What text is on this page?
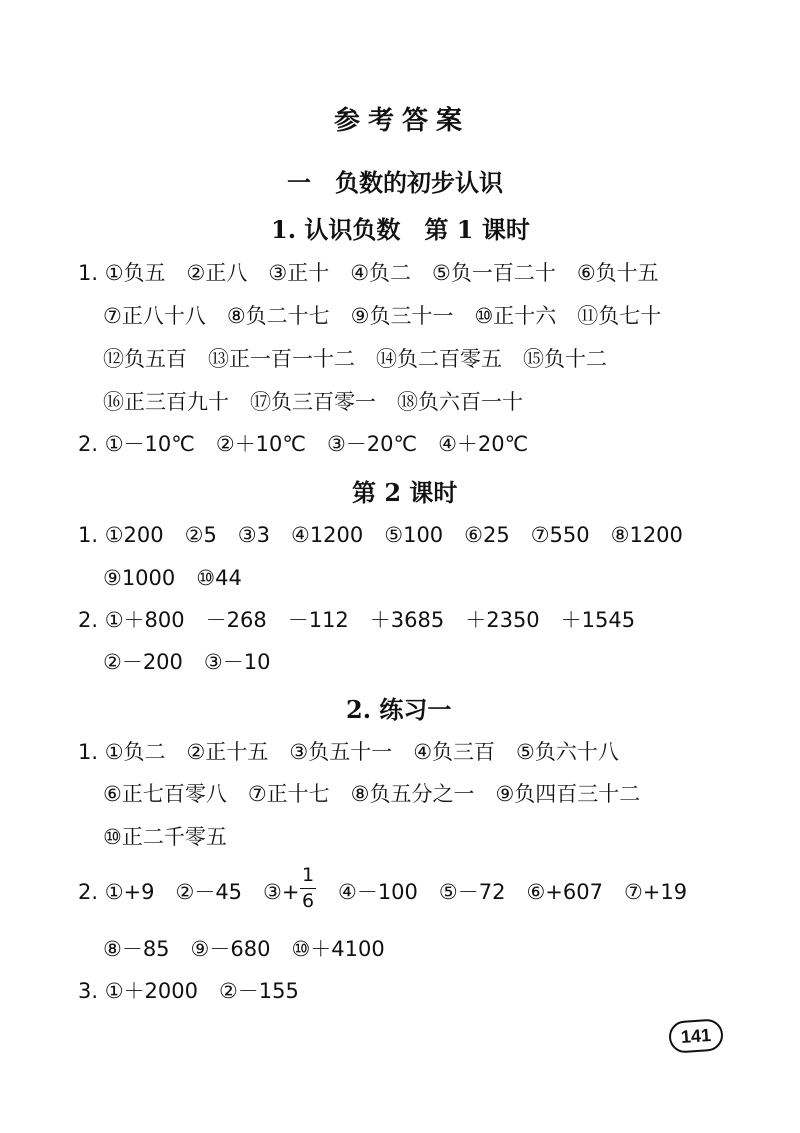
参考答案
一　负数的初步认识
1. 认识负数　第 1 课时
1. ①负五　②正八　③正十　④负二　⑤负一百二十　⑥负十五
⑦正八十八　⑧负二十七　⑨负三十一　⑩正十六　⑪负七十
⑫负五百　⑬正一百一十二　⑭负二百零五　⑮负十二
⑯正三百九十　⑰负三百零一　⑱负六百一十
2. ①－10℃　②＋10℃　③－20℃　④＋20℃
第 2 课时
1. ①200　②5　③3　④1200　⑤100　⑥25　⑦550　⑧1200
⑨1000　⑩44
2. ①＋800　－268　－112　＋3685　＋2350　＋1545
②－200　③－10
2. 练习一
1. ①负二　②正十五　③负五十一　④负三百　⑤负六十八
⑥正七百零八　⑦正十七　⑧负五分之一　⑨负四百三十二
⑩正二千零五
2. ①+9　②－45　③+
1
6 ④－100　⑤－72　⑥+607　⑦+19
⑧－85　⑨－680　⑩＋4100
3. ①＋2000　②－155
141
